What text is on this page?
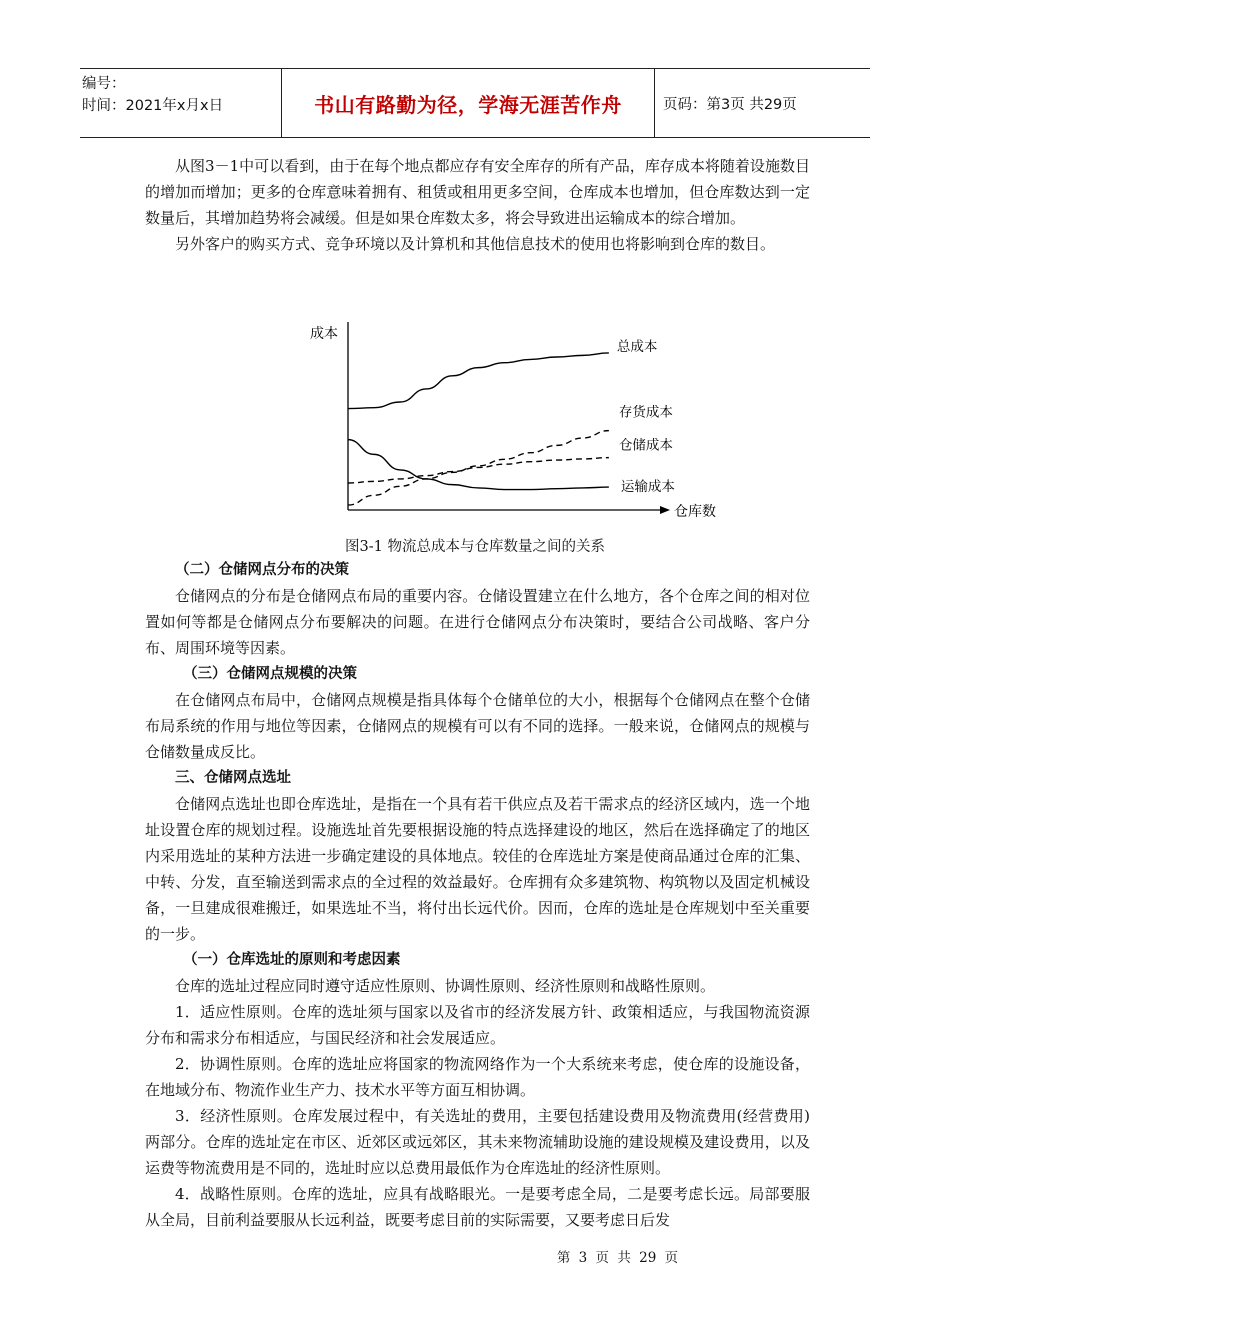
编号：
时间：2021年x月x日	书山有路勤为径，学海无涯苦作舟	页码：第3页 共29页

从图3－1中可以看到，由于在每个地点都应存有安全库存的所有产品，库存成本将随着设施数目的增加而增加；更多的仓库意味着拥有、租赁或租用更多空间，仓库成本也增加，但仓库数达到一定数量后，其增加趋势将会减缓。但是如果仓库数太多，将会导致进出运输成本的综合增加。

另外客户的购买方式、竞争环境以及计算机和其他信息技术的使用也将影响到仓库的数目。

成本
仓库数
总成本
存货成本
仓储成本
运输成本
图3-1 物流总成本与仓库数量之间的关系

（二）仓储网点分布的决策

仓储网点的分布是仓储网点布局的重要内容。仓储设置建立在什么地方，各个仓库之间的相对位置如何等都是仓储网点分布要解决的问题。在进行仓储网点分布决策时，要结合公司战略、客户分布、周围环境等因素。

（三）仓储网点规模的决策

在仓储网点布局中，仓储网点规模是指具体每个仓储单位的大小，根据每个仓储网点在整个仓储布局系统的作用与地位等因素，仓储网点的规模有可以有不同的选择。一般来说，仓储网点的规模与仓储数量成反比。

三、仓储网点选址

仓储网点选址也即仓库选址，是指在一个具有若干供应点及若干需求点的经济区域内，选一个地址设置仓库的规划过程。设施选址首先要根据设施的特点选择建设的地区，然后在选择确定了的地区内采用选址的某种方法进一步确定建设的具体地点。较佳的仓库选址方案是使商品通过仓库的汇集、中转、分发，直至输送到需求点的全过程的效益最好。仓库拥有众多建筑物、构筑物以及固定机械设备，一旦建成很难搬迁，如果选址不当，将付出长远代价。因而，仓库的选址是仓库规划中至关重要的一步。

（一）仓库选址的原则和考虑因素

仓库的选址过程应同时遵守适应性原则、协调性原则、经济性原则和战略性原则。

1．适应性原则。仓库的选址须与国家以及省市的经济发展方针、政策相适应，与我国物流资源分布和需求分布相适应，与国民经济和社会发展适应。

2．协调性原则。仓库的选址应将国家的物流网络作为一个大系统来考虑，使仓库的设施设备，在地域分布、物流作业生产力、技术水平等方面互相协调。

3．经济性原则。仓库发展过程中，有关选址的费用，主要包括建设费用及物流费用(经营费用)两部分。仓库的选址定在市区、近郊区或远郊区，其未来物流辅助设施的建设规模及建设费用，以及运费等物流费用是不同的，选址时应以总费用最低作为仓库选址的经济性原则。

4．战略性原则。仓库的选址，应具有战略眼光。一是要考虑全局，二是要考虑长远。局部要服从全局，目前利益要服从长远利益，既要考虑目前的实际需要，又要考虑日后发

第 3 页 共 29 页
